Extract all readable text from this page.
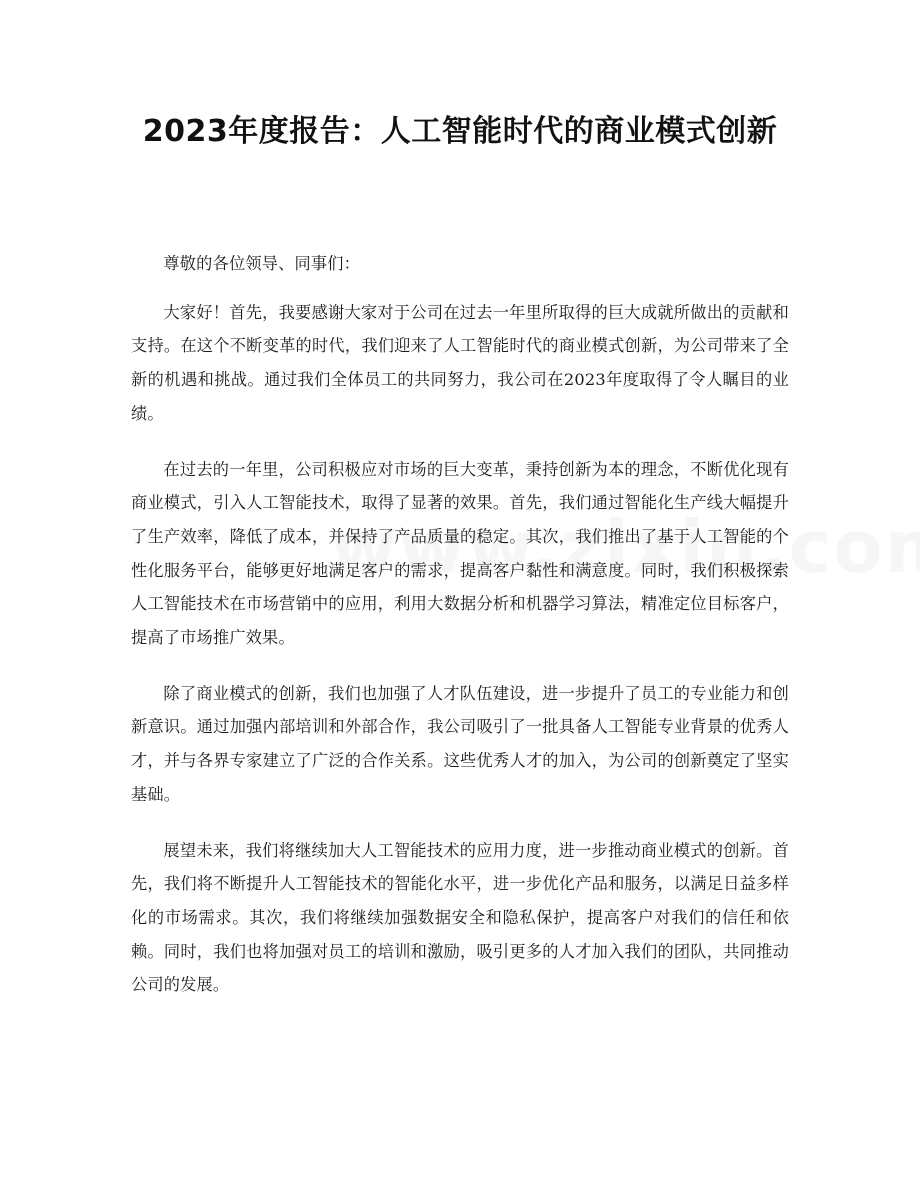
2023年度报告：人工智能时代的商业模式创新

尊敬的各位领导、同事们：

大家好！首先，我要感谢大家对于公司在过去一年里所取得的巨大成就所做出的贡献和支持。在这个不断变革的时代，我们迎来了人工智能时代的商业模式创新，为公司带来了全新的机遇和挑战。通过我们全体员工的共同努力，我公司在2023年度取得了令人瞩目的业绩。

在过去的一年里，公司积极应对市场的巨大变革，秉持创新为本的理念，不断优化现有商业模式，引入人工智能技术，取得了显著的效果。首先，我们通过智能化生产线大幅提升了生产效率，降低了成本，并保持了产品质量的稳定。其次，我们推出了基于人工智能的个性化服务平台，能够更好地满足客户的需求，提高客户黏性和满意度。同时，我们积极探索人工智能技术在市场营销中的应用，利用大数据分析和机器学习算法，精准定位目标客户，提高了市场推广效果。

除了商业模式的创新，我们也加强了人才队伍建设，进一步提升了员工的专业能力和创新意识。通过加强内部培训和外部合作，我公司吸引了一批具备人工智能专业背景的优秀人才，并与各界专家建立了广泛的合作关系。这些优秀人才的加入，为公司的创新奠定了坚实基础。

展望未来，我们将继续加大人工智能技术的应用力度，进一步推动商业模式的创新。首先，我们将不断提升人工智能技术的智能化水平，进一步优化产品和服务，以满足日益多样化的市场需求。其次，我们将继续加强数据安全和隐私保护，提高客户对我们的信任和依赖。同时，我们也将加强对员工的培训和激励，吸引更多的人才加入我们的团队，共同推动公司的发展。
